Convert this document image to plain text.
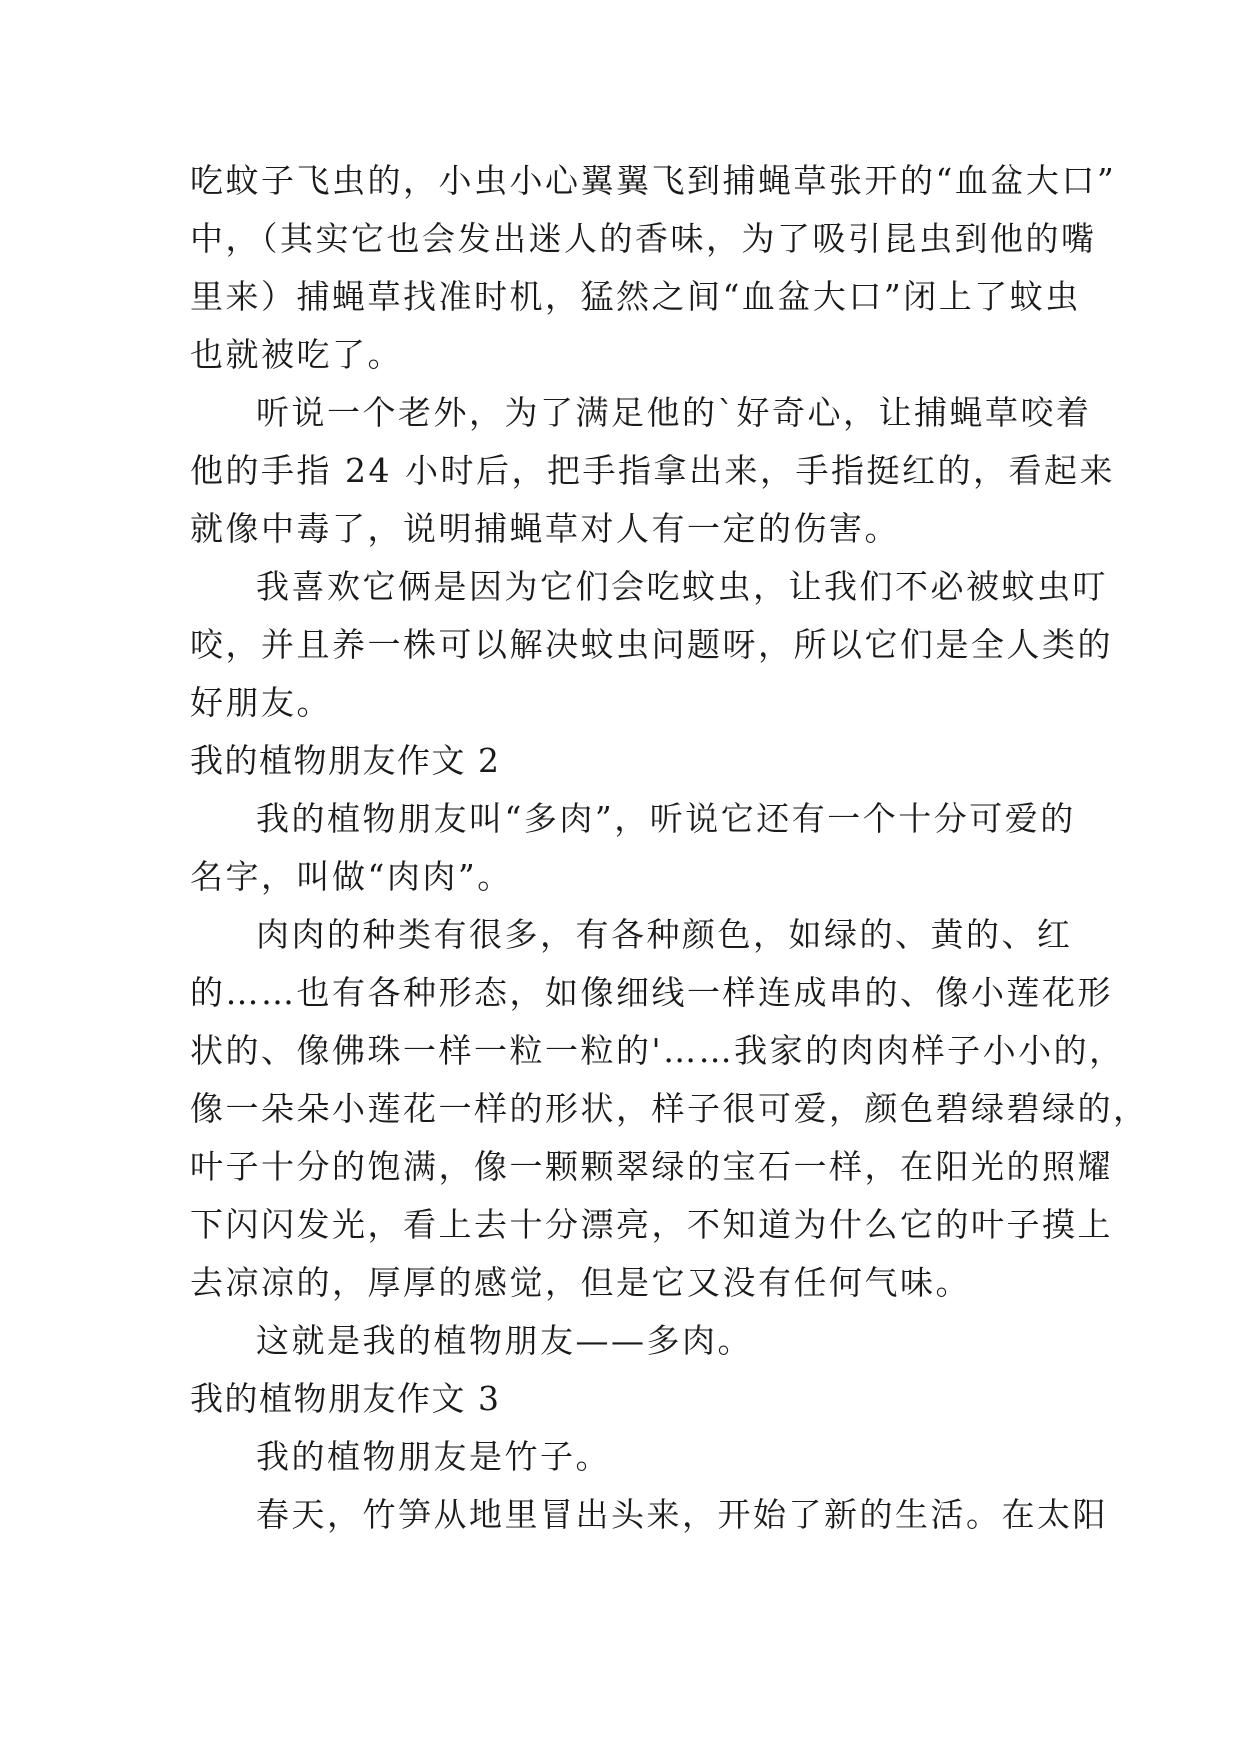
吃蚊子飞虫的，小虫小心翼翼飞到捕蝇草张开的“血盆大口”
中，（其实它也会发出迷人的香味，为了吸引昆虫到他的嘴
里来）捕蝇草找准时机，猛然之间“血盆大口”闭上了蚊虫
也就被吃了。
听说一个老外，为了满足他的`好奇心，让捕蝇草咬着
他的手指 24 小时后，把手指拿出来，手指挺红的，看起来
就像中毒了，说明捕蝇草对人有一定的伤害。
我喜欢它俩是因为它们会吃蚊虫，让我们不必被蚊虫叮
咬，并且养一株可以解决蚊虫问题呀，所以它们是全人类的
好朋友。
我的植物朋友作文 2
我的植物朋友叫“多肉”，听说它还有一个十分可爱的
名字，叫做“肉肉”。
肉肉的种类有很多，有各种颜色，如绿的、黄的、红
的……也有各种形态，如像细线一样连成串的、像小莲花形
状的、像佛珠一样一粒一粒的'……我家的肉肉样子小小的，
像一朵朵小莲花一样的形状，样子很可爱，颜色碧绿碧绿的，
叶子十分的饱满，像一颗颗翠绿的宝石一样，在阳光的照耀
下闪闪发光，看上去十分漂亮，不知道为什么它的叶子摸上
去凉凉的，厚厚的感觉，但是它又没有任何气味。
这就是我的植物朋友——多肉。
我的植物朋友作文 3
我的植物朋友是竹子。
春天，竹笋从地里冒出头来，开始了新的生活。在太阳
